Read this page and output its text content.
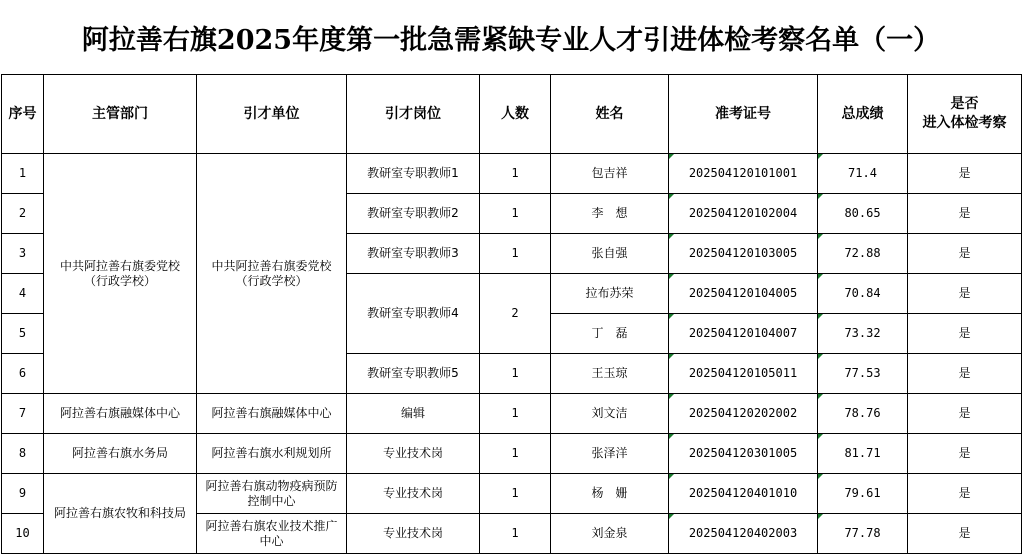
阿拉善右旗2025年度第一批急需紧缺专业人才引进体检考察名单（一）
序号	主管部门	引才单位	引才岗位	人数	姓名	准考证号	总成绩	是否
进入体检考察

1	中共阿拉善右旗委党校（行政学校）	中共阿拉善右旗委党校（行政学校）	教研室专职教师1	1	包吉祥	202504120101001	71.4	是
2			教研室专职教师2	1	李　想	202504120102004	80.65	是
3			教研室专职教师3	1	张自强	202504120103005	72.88	是
4			教研室专职教师4	2	拉布苏荣	202504120104005	70.84	是
5					丁　磊	202504120104007	73.32	是
6			教研室专职教师5	1	王玉琼	202504120105011	77.53	是
7	阿拉善右旗融媒体中心	阿拉善右旗融媒体中心	编辑	1	刘文洁	202504120202002	78.76	是
8	阿拉善右旗水务局	阿拉善右旗水利规划所	专业技术岗	1	张泽洋	202504120301005	81.71	是
9	阿拉善右旗农牧和科技局	阿拉善右旗动物疫病预防控制中心	专业技术岗	1	杨　姗	202504120401010	79.61	是
10		阿拉善右旗农业技术推广中心	专业技术岗	1	刘金泉	202504120402003	77.78	是
